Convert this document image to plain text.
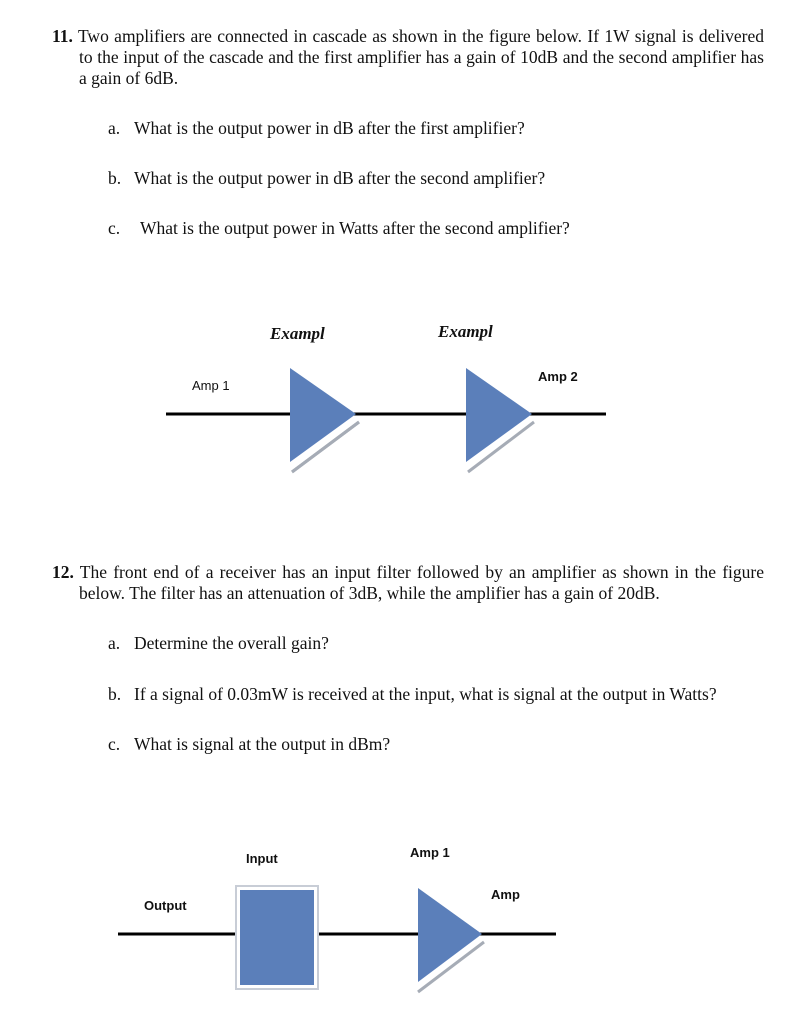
11. Two amplifiers are connected in cascade as shown in the figure below. If 1W signal is delivered to the input of the cascade and the first amplifier has a gain of 10dB and the second amplifier has a gain of 6dB.
a. What is the output power in dB after the first amplifier?
b. What is the output power in dB after the second amplifier?
c. What is the output power in Watts after the second amplifier?
Exampl	Exampl
Amp 1
Amp 2
12. The front end of a receiver has an input filter followed by an amplifier as shown in the figure below. The filter has an attenuation of 3dB, while the amplifier has a gain of 20dB.
a. Determine the overall gain?
b. If a signal of 0.03mW is received at the input, what is signal at the output in Watts?
c. What is signal at the output in dBm?
Input	Amp 1
Amp
Output
